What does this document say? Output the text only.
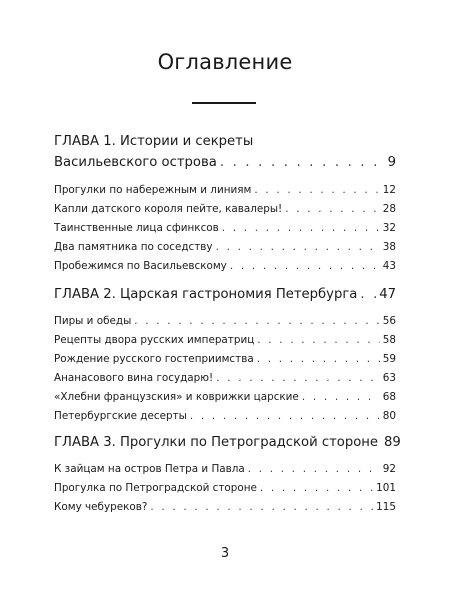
Оглавление
ГЛАВА 1. Истории и секреты
Васильевского острова . . .	9
Прогулки по набережным и линиям . . .	12
Капли датского короля пейте, кавалеры! . . .	28
Таинственные лица сфинксов . . .	32
Два памятника по соседству . . .	38
Пробежимся по Васильевскому . . .	43
ГЛАВА 2. Царская гастрономия Петербурга . . . 47
Пиры и обеды . . .	56
Рецепты двора русских императриц . . .	58
Рождение русского гостеприимства . . .	59
Ананасового вина государю! . . .	63
«Хлебни французския» и коврижки царские . . .	68
Петербургские десерты . . .	80
ГЛАВА 3. Прогулки по Петроградской стороне 89
К зайцам на остров Петра и Павла . . .	92
Прогулка по Петроградской стороне . . .	101
Кому чебуреков? . . .	115
3
